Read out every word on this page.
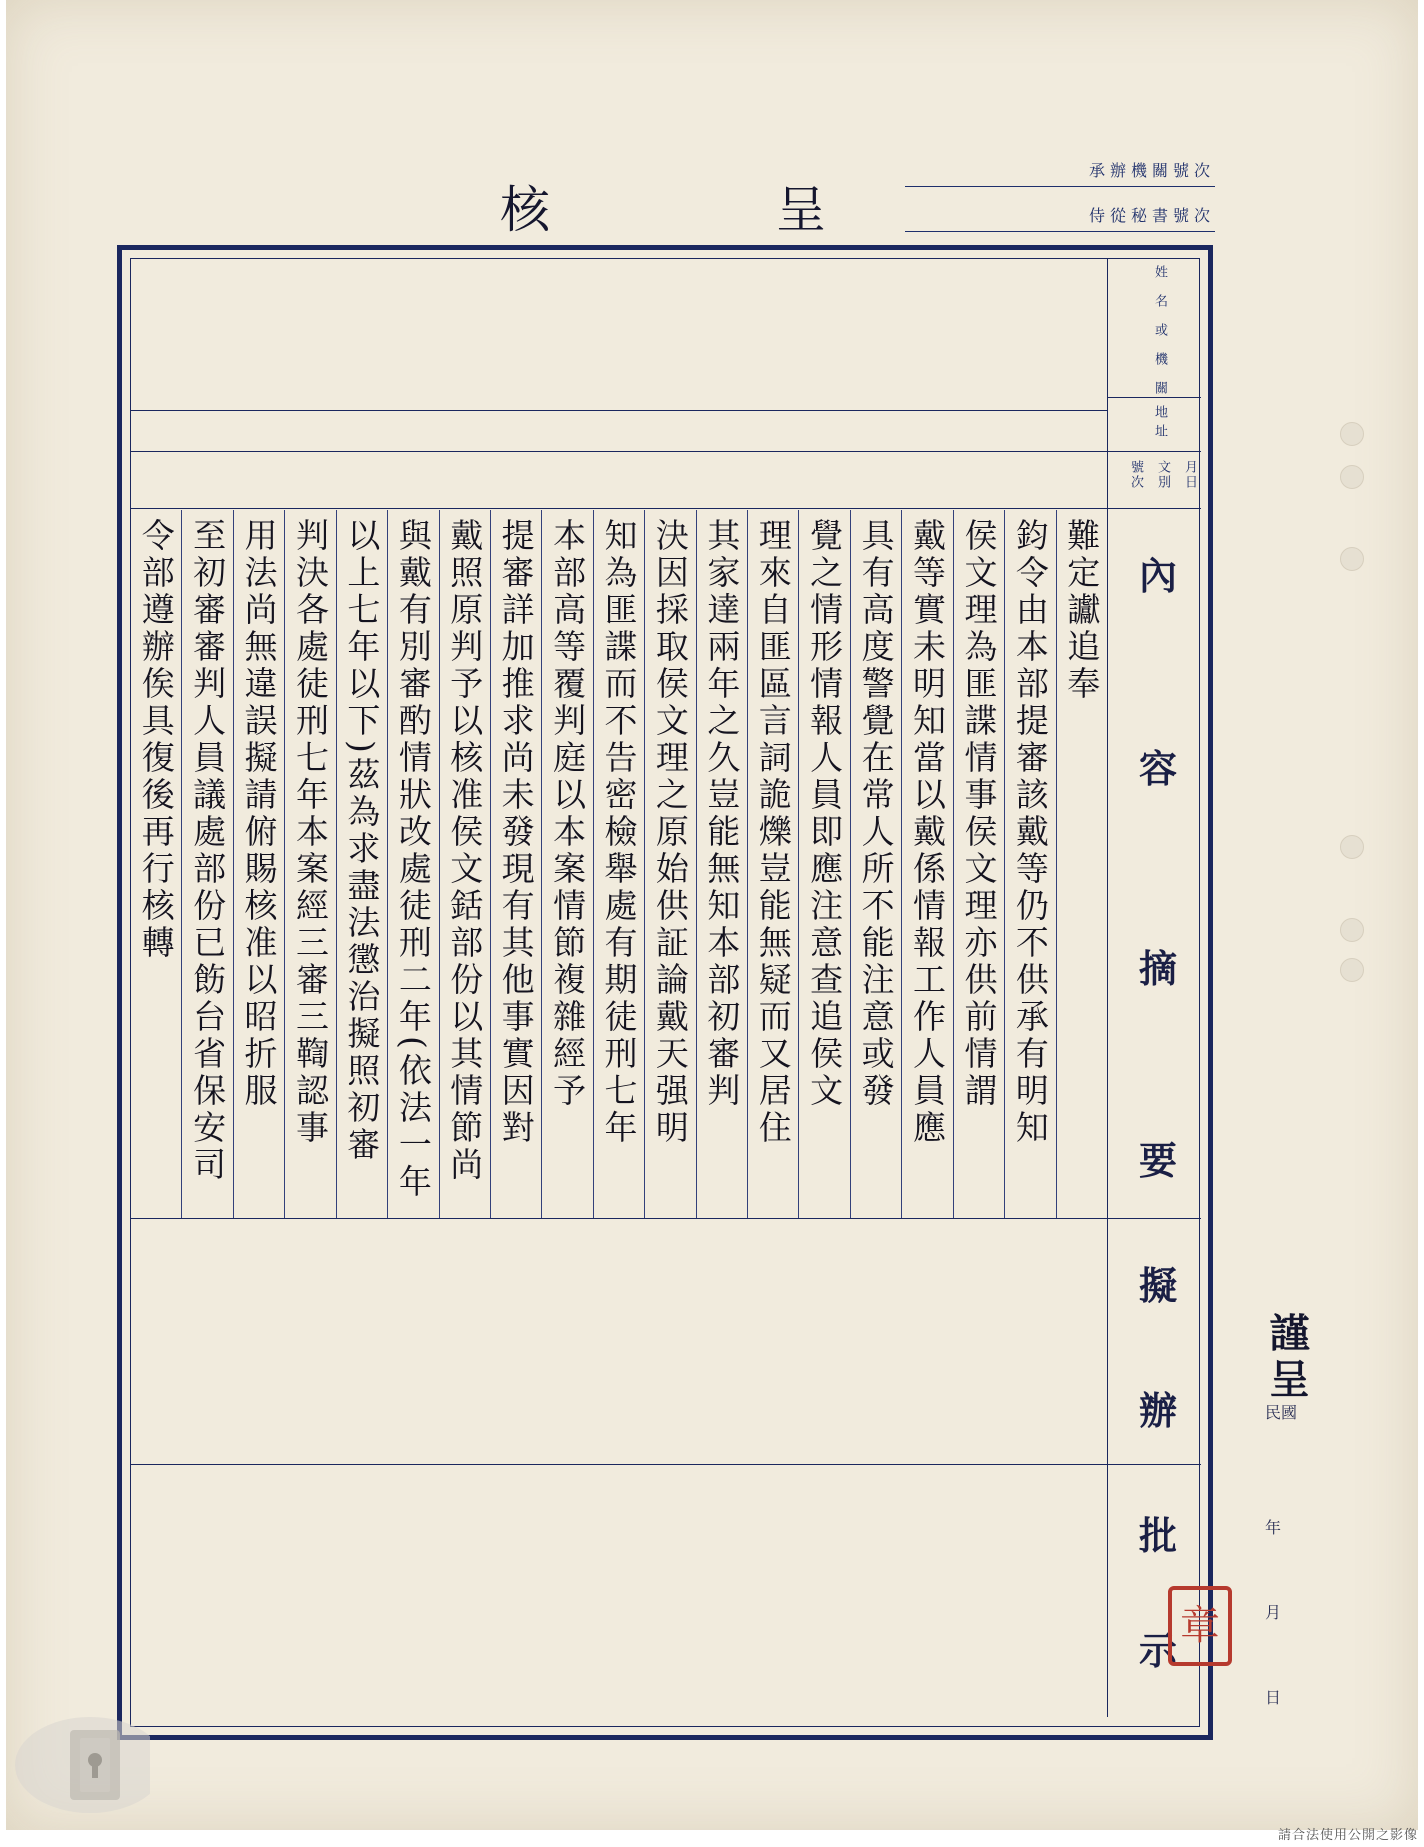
核	呈
承辦機關號次
侍從秘書號次
姓名或機關
地址
月日
文別
號次
內
容
摘
要
擬
辦
批
示
難定讞追奉
鈞令由本部提審該戴等仍不供承有明知
侯文理為匪諜情事侯文理亦供前情謂
戴等實未明知當以戴係情報工作人員應
具有高度警覺在常人所不能注意或發
覺之情形情報人員即應注意查追侯文
理來自匪區言詞詭爍豈能無疑而又居住
其家達兩年之久豈能無知本部初審判
決因採取侯文理之原始供証論戴天强明
知為匪諜而不告密檢舉處有期徒刑七年
本部高等覆判庭以本案情節複雜經予
提審詳加推求尚未發現有其他事實因對
戴照原判予以核准侯文銛部份以其情節尚
與戴有別審酌情狀改處徒刑二年(依法一年
以上七年以下)茲為求盡法懲治擬照初審
判決各處徒刑七年本案經三審三鞫認事
用法尚無違誤擬請俯賜核准以昭折服
至初審審判人員議處部份已飭台省保安司
令部遵辦俟具復後再行核轉
謹呈
民國
年
月
日
章
請合法使用公開之影像
